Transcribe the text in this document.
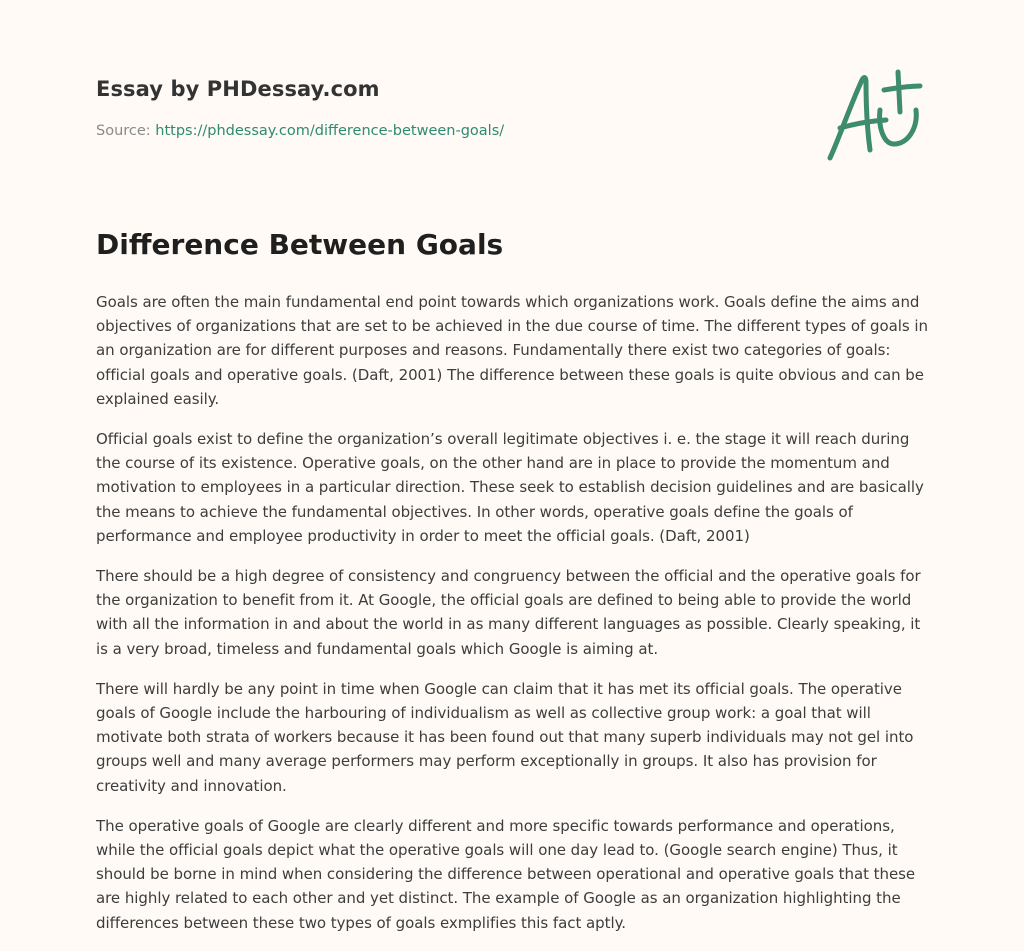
Essay by PHDessay.com

Source: https://phdessay.com/difference-between-goals/
Difference Between Goals

Goals are often the main fundamental end point towards which organizations work. Goals define the aims and objectives of organizations that are set to be achieved in the due course of time. The different types of goals in an organization are for different purposes and reasons. Fundamentally there exist two categories of goals: official goals and operative goals. (Daft, 2001) The difference between these goals is quite obvious and can be explained easily.

Official goals exist to define the organization’s overall legitimate objectives i. e. the stage it will reach during the course of its existence. Operative goals, on the other hand are in place to provide the momentum and motivation to employees in a particular direction. These seek to establish decision guidelines and are basically the means to achieve the fundamental objectives. In other words, operative goals define the goals of performance and employee productivity in order to meet the official goals. (Daft, 2001)

There should be a high degree of consistency and congruency between the official and the operative goals for the organization to benefit from it. At Google, the official goals are defined to being able to provide the world with all the information in and about the world in as many different languages as possible. Clearly speaking, it is a very broad, timeless and fundamental goals which Google is aiming at.

There will hardly be any point in time when Google can claim that it has met its official goals. The operative goals of Google include the harbouring of individualism as well as collective group work: a goal that will motivate both strata of workers because it has been found out that many superb individuals may not gel into groups well and many average performers may perform exceptionally in groups. It also has provision for creativity and innovation.

The operative goals of Google are clearly different and more specific towards performance and operations, while the official goals depict what the operative goals will one day lead to. (Google search engine) Thus, it should be borne in mind when considering the difference between operational and operative goals that these are highly related to each other and yet distinct. The example of Google as an organization highlighting the differences between these two types of goals exmplifies this fact aptly.
